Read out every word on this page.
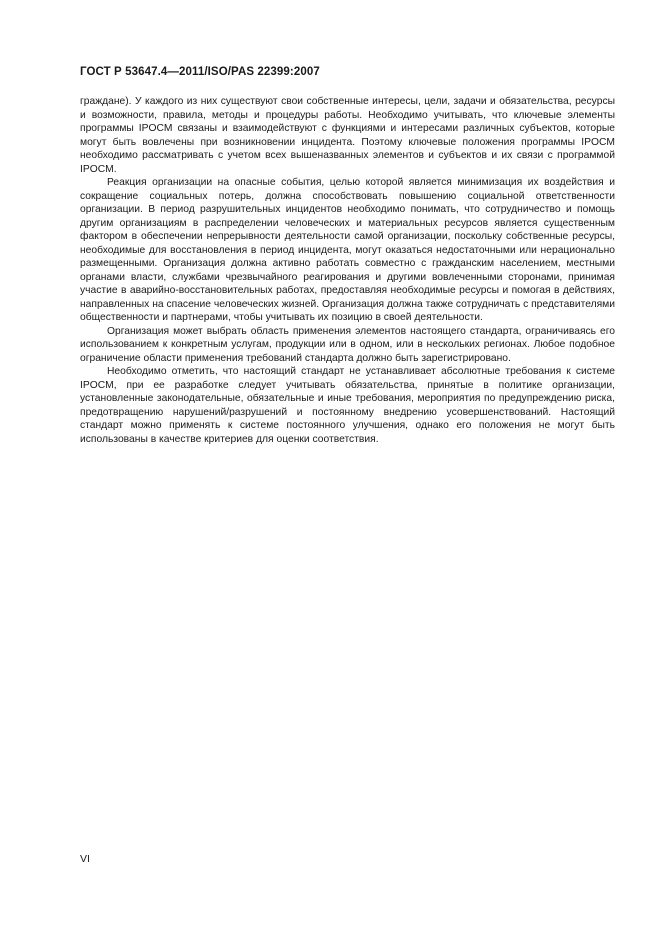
ГОСТ Р 53647.4—2011/ISO/PAS 22399:2007

граждане). У каждого из них существуют свои собственные интересы, цели, задачи и обязательства, ресурсы и возможности, правила, методы и процедуры работы. Необходимо учитывать, что ключевые элементы программы IPOCM связаны и взаимодействуют с функциями и интересами различных субъектов, которые могут быть вовлечены при возникновении инцидента. Поэтому ключевые положения программы IPOCM необходимо рассматривать с учетом всех вышеназванных элементов и субъектов и их связи с программой IPOCM.

Реакция организации на опасные события, целью которой является минимизация их воздействия и сокращение социальных потерь, должна способствовать повышению социальной ответственности организации. В период разрушительных инцидентов необходимо понимать, что сотрудничество и помощь другим организациям в распределении человеческих и материальных ресурсов является существенным фактором в обеспечении непрерывности деятельности самой организации, поскольку собственные ресурсы, необходимые для восстановления в период инцидента, могут оказаться недостаточными или нерационально размещенными. Организация должна активно работать совместно с гражданским населением, местными органами власти, службами чрезвычайного реагирования и другими вовлеченными сторонами, принимая участие в аварийно-восстановительных работах, предоставляя необходимые ресурсы и помогая в действиях, направленных на спасение человеческих жизней. Организация должна также сотрудничать с представителями общественности и партнерами, чтобы учитывать их позицию в своей деятельности.

Организация может выбрать область применения элементов настоящего стандарта, ограничиваясь его использованием к конкретным услугам, продукции или в одном, или в нескольких регионах. Любое подобное ограничение области применения требований стандарта должно быть зарегистрировано.

Необходимо отметить, что настоящий стандарт не устанавливает абсолютные требования к системе IPOCM, при ее разработке следует учитывать обязательства, принятые в политике организации, установленные законодательные, обязательные и иные требования, мероприятия по предупреждению риска, предотвращению нарушений/разрушений и постоянному внедрению усовершенствований. Настоящий стандарт можно применять к системе постоянного улучшения, однако его положения не могут быть использованы в качестве критериев для оценки соответствия.

VI
